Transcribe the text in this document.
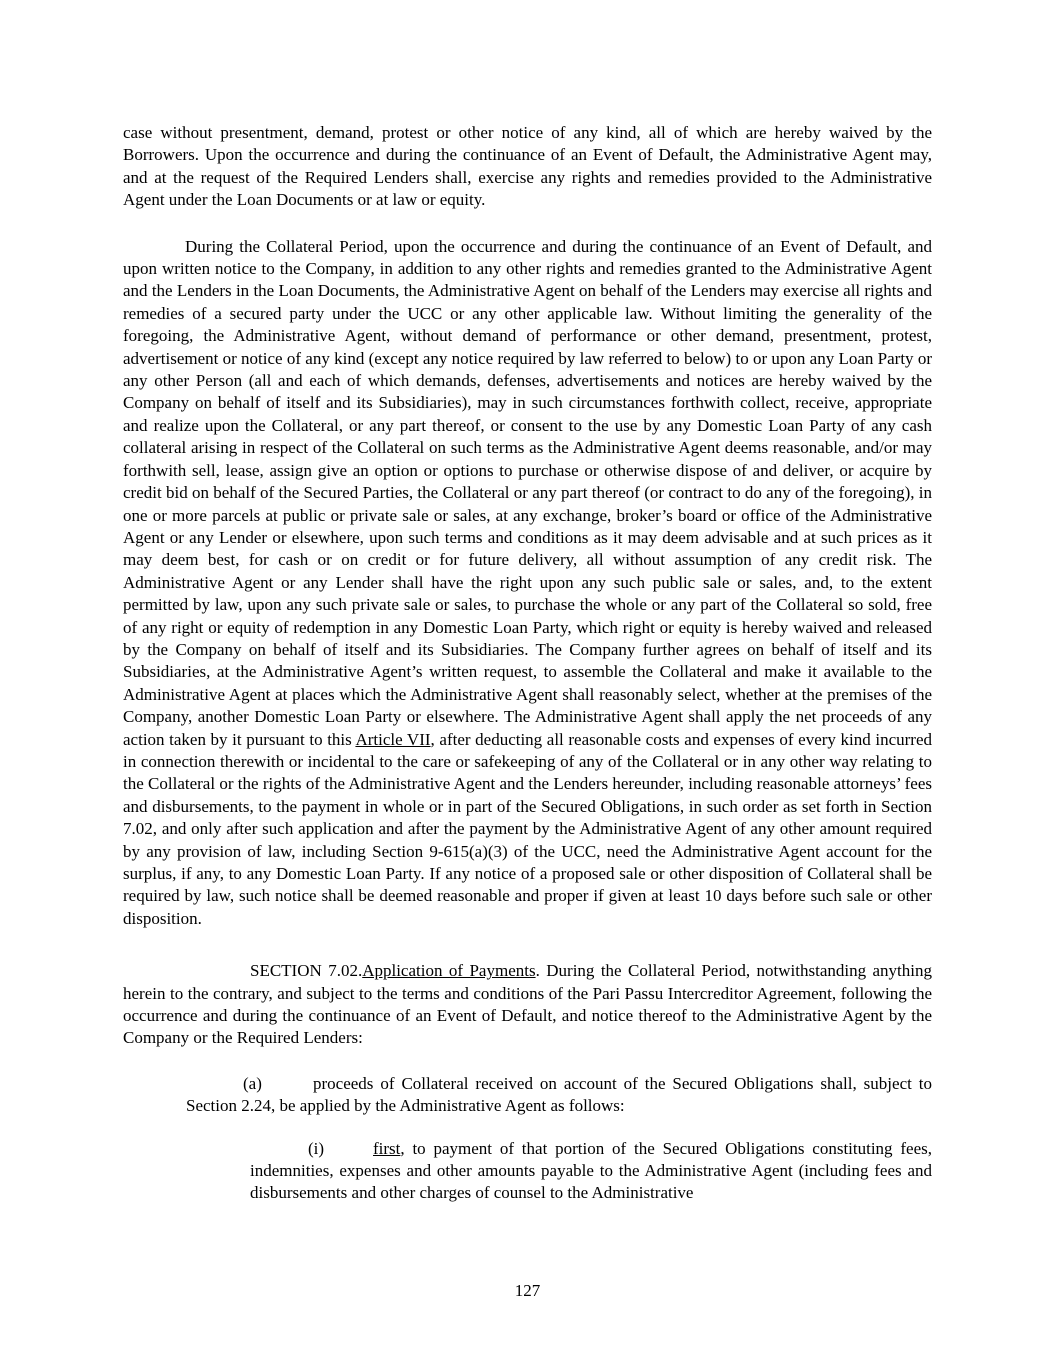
case without presentment, demand, protest or other notice of any kind, all of which are hereby waived by the Borrowers. Upon the occurrence and during the continuance of an Event of Default, the Administrative Agent may, and at the request of the Required Lenders shall, exercise any rights and remedies provided to the Administrative Agent under the Loan Documents or at law or equity.

During the Collateral Period, upon the occurrence and during the continuance of an Event of Default, and upon written notice to the Company, in addition to any other rights and remedies granted to the Administrative Agent and the Lenders in the Loan Documents, the Administrative Agent on behalf of the Lenders may exercise all rights and remedies of a secured party under the UCC or any other applicable law. Without limiting the generality of the foregoing, the Administrative Agent, without demand of performance or other demand, presentment, protest, advertisement or notice of any kind (except any notice required by law referred to below) to or upon any Loan Party or any other Person (all and each of which demands, defenses, advertisements and notices are hereby waived by the Company on behalf of itself and its Subsidiaries), may in such circumstances forthwith collect, receive, appropriate and realize upon the Collateral, or any part thereof, or consent to the use by any Domestic Loan Party of any cash collateral arising in respect of the Collateral on such terms as the Administrative Agent deems reasonable, and/or may forthwith sell, lease, assign give an option or options to purchase or otherwise dispose of and deliver, or acquire by credit bid on behalf of the Secured Parties, the Collateral or any part thereof (or contract to do any of the foregoing), in one or more parcels at public or private sale or sales, at any exchange, broker’s board or office of the Administrative Agent or any Lender or elsewhere, upon such terms and conditions as it may deem advisable and at such prices as it may deem best, for cash or on credit or for future delivery, all without assumption of any credit risk. The Administrative Agent or any Lender shall have the right upon any such public sale or sales, and, to the extent permitted by law, upon any such private sale or sales, to purchase the whole or any part of the Collateral so sold, free of any right or equity of redemption in any Domestic Loan Party, which right or equity is hereby waived and released by the Company on behalf of itself and its Subsidiaries. The Company further agrees on behalf of itself and its Subsidiaries, at the Administrative Agent’s written request, to assemble the Collateral and make it available to the Administrative Agent at places which the Administrative Agent shall reasonably select, whether at the premises of the Company, another Domestic Loan Party or elsewhere. The Administrative Agent shall apply the net proceeds of any action taken by it pursuant to this Article VII, after deducting all reasonable costs and expenses of every kind incurred in connection therewith or incidental to the care or safekeeping of any of the Collateral or in any other way relating to the Collateral or the rights of the Administrative Agent and the Lenders hereunder, including reasonable attorneys’ fees and disbursements, to the payment in whole or in part of the Secured Obligations, in such order as set forth in Section 7.02, and only after such application and after the payment by the Administrative Agent of any other amount required by any provision of law, including Section 9-615(a)(3) of the UCC, need the Administrative Agent account for the surplus, if any, to any Domestic Loan Party. If any notice of a proposed sale or other disposition of Collateral shall be required by law, such notice shall be deemed reasonable and proper if given at least 10 days before such sale or other disposition.

SECTION 7.02.Application of Payments. During the Collateral Period, notwithstanding anything herein to the contrary, and subject to the terms and conditions of the Pari Passu Intercreditor Agreement, following the occurrence and during the continuance of an Event of Default, and notice thereof to the Administrative Agent by the Company or the Required Lenders:

(a)	proceeds of Collateral received on account of the Secured Obligations shall, subject to Section 2.24, be applied by the Administrative Agent as follows:

(i)	first, to payment of that portion of the Secured Obligations constituting fees, indemnities, expenses and other amounts payable to the Administrative Agent (including fees and disbursements and other charges of counsel to the Administrative

127
